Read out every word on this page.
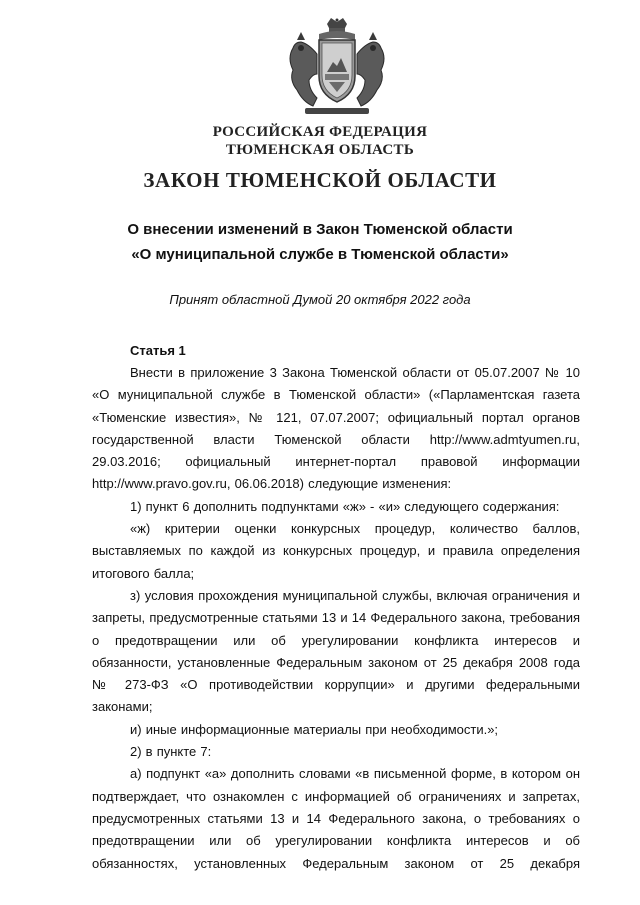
РОССИЙСКАЯ ФЕДЕРАЦИЯ
ТЮМЕНСКАЯ ОБЛАСТЬ
ЗАКОН ТЮМЕНСКОЙ ОБЛАСТИ
О внесении изменений в Закон Тюменской области
«О муниципальной службе в Тюменской области»
Принят областной Думой 20 октября 2022 года
Статья 1

Внести в приложение 3 Закона Тюменской области от 05.07.2007 № 10 «О муниципальной службе в Тюменской области» («Парламентская газета «Тюменские известия», № 121, 07.07.2007; официальный портал органов государственной власти Тюменской области http://www.admtyumen.ru, 29.03.2016; официальный интернет-портал правовой информации http://www.pravo.gov.ru, 06.06.2018) следующие изменения:

1) пункт 6 дополнить подпунктами «ж» - «и» следующего содержания:

«ж) критерии оценки конкурсных процедур, количество баллов, выставляемых по каждой из конкурсных процедур, и правила определения итогового балла;

з) условия прохождения муниципальной службы, включая ограничения и запреты, предусмотренные статьями 13 и 14 Федерального закона, требования о предотвращении или об урегулировании конфликта интересов и обязанности, установленные Федеральным законом от 25 декабря 2008 года № 273-ФЗ «О противодействии коррупции» и другими федеральными законами;

и) иные информационные материалы при необходимости.»;

2) в пункте 7:

а) подпункт «а» дополнить словами «в письменной форме, в котором он подтверждает, что ознакомлен с информацией об ограничениях и запретах, предусмотренных статьями 13 и 14 Федерального закона, о требованиях о предотвращении или об урегулировании конфликта интересов и об обязанностях, установленных Федеральным законом от 25 декабря
